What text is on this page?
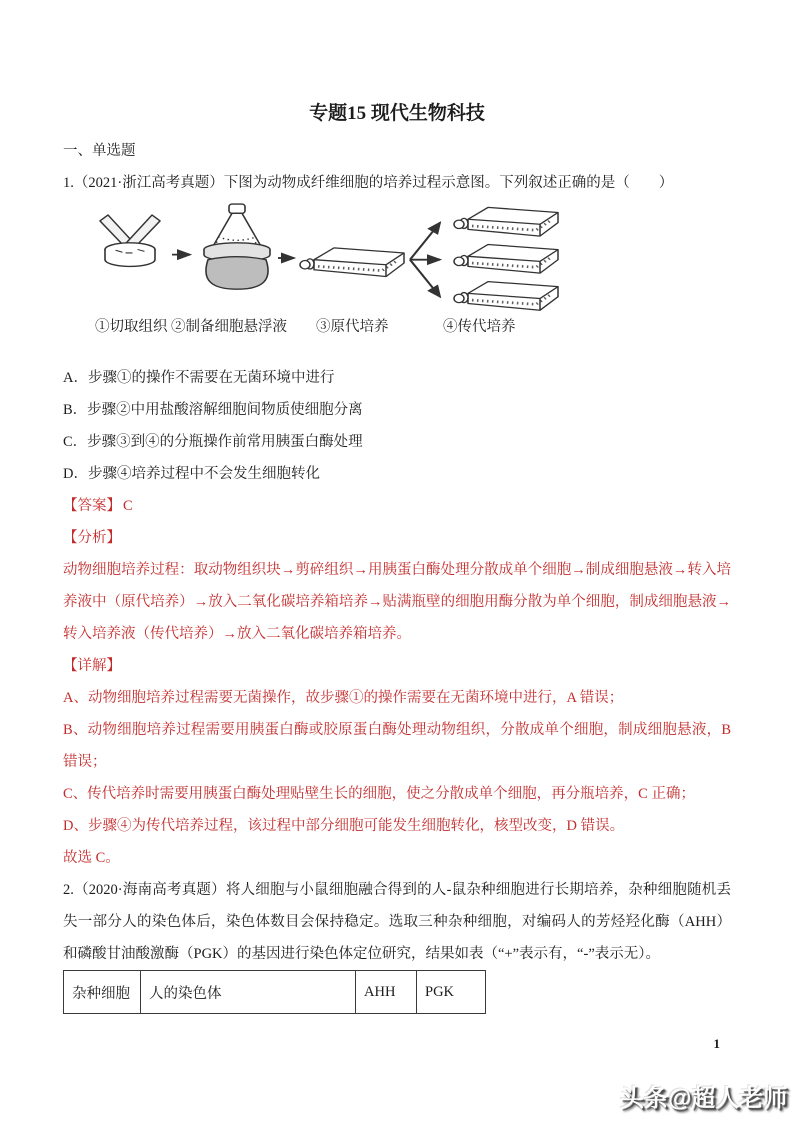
专题15 现代生物科技

一、单选题

1.（2021·浙江高考真题）下图为动物成纤维细胞的培养过程示意图。下列叙述正确的是（　　）

①切取组织 ②制备细胞悬浮液 ③原代培养	④传代培养

A．步骤①的操作不需要在无菌环境中进行

B．步骤②中用盐酸溶解细胞间物质使细胞分离

C．步骤③到④的分瓶操作前常用胰蛋白酶处理

D．步骤④培养过程中不会发生细胞转化

【答案】 C

【分析】

动物细胞培养过程：取动物组织块→剪碎组织→用胰蛋白酶处理分散成单个细胞→制成细胞悬液→转入培养液中（原代培养）→放入二氧化碳培养箱培养→贴满瓶壁的细胞用酶分散为单个细胞，制成细胞悬液→转入培养液（传代培养）→放入二氧化碳培养箱培养。

【详解】

A、动物细胞培养过程需要无菌操作，故步骤①的操作需要在无菌环境中进行，A 错误；

B、动物细胞培养过程需要用胰蛋白酶或胶原蛋白酶处理动物组织，分散成单个细胞，制成细胞悬液，B 错误；

C、传代培养时需要用胰蛋白酶处理贴壁生长的细胞，使之分散成单个细胞，再分瓶培养，C 正确；

D、步骤④为传代培养过程，该过程中部分细胞可能发生细胞转化，核型改变，D 错误。

故选 C。

2.（2020·海南高考真题）将人细胞与小鼠细胞融合得到的人-鼠杂种细胞进行长期培养，杂种细胞随机丢失一部分人的染色体后，染色体数目会保持稳定。选取三种杂种细胞，对编码人的芳烃羟化酶（AHH）和磷酸甘油酸激酶（PGK）的基因进行染色体定位研究，结果如表（“+”表示有，“-”表示无）。

杂种细胞	人的染色体	AHH	PGK
1
头条@超人老师
